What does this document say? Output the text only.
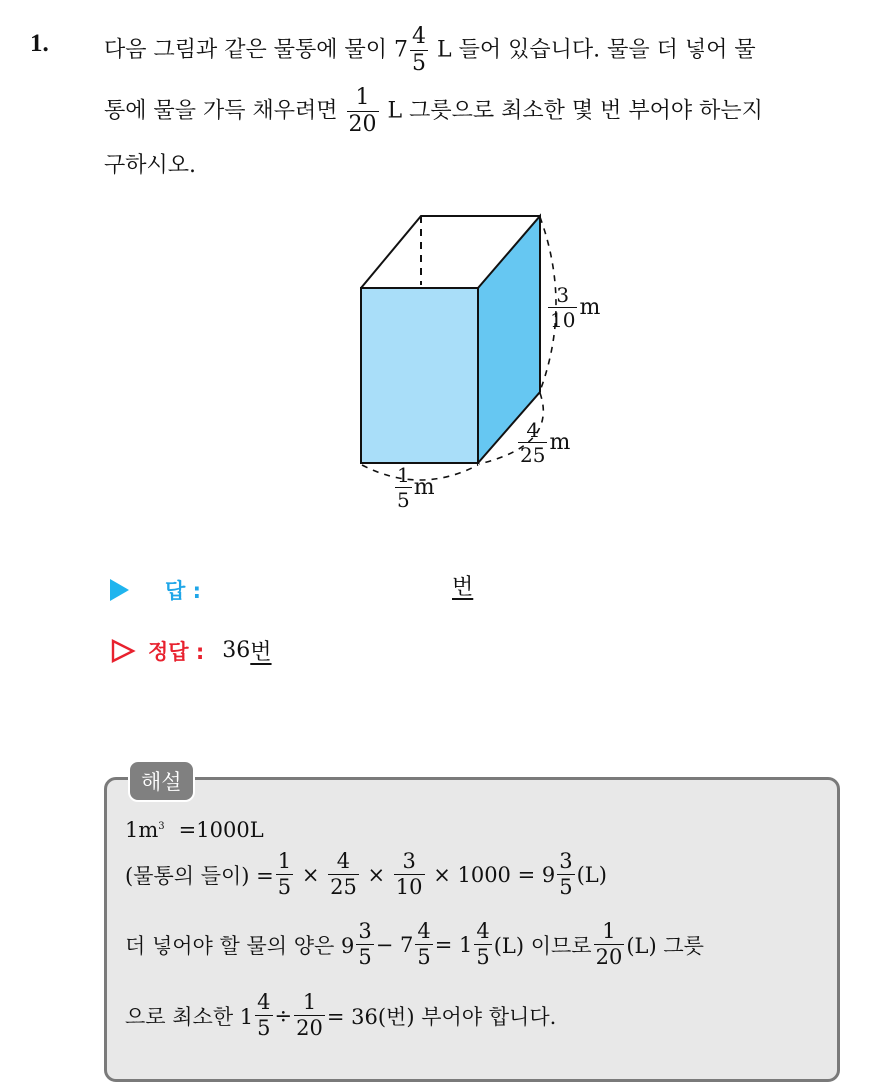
1.	다음 그림과 같은 물통에 물이 $7 \frac{4}{5}$ L 들어 있습니다. 물을 더 넣어 물
통에 물을 가득 채우려면 $\frac{1}{20}$ L 그릇으로 최소한 몇 번 부어야 하는지
구하시오.
$\frac{3}{10}$ m
$\frac{4}{25}$ m
$\frac{1}{5}$ m
답 :	번
정답 : 36 번
해설
$1m^3 =1000L$
(물통의 들이) = $\frac{1}{5} \times \frac{4}{25} \times \frac{3}{10}$
× $1000 = 9 \frac{3}{5} (L)$
더 넣어야 할 물의 양은 $9 \frac{3}{5} - 7 \frac{4}{5} = 1 \frac{4}{5} (L)$ 이므로 $\frac{1}{20} (L)$ 그릇
으로 최소한 $1 \frac{4}{5} \div \frac{1}{20} = 36$(번) 부어야 합니다.
